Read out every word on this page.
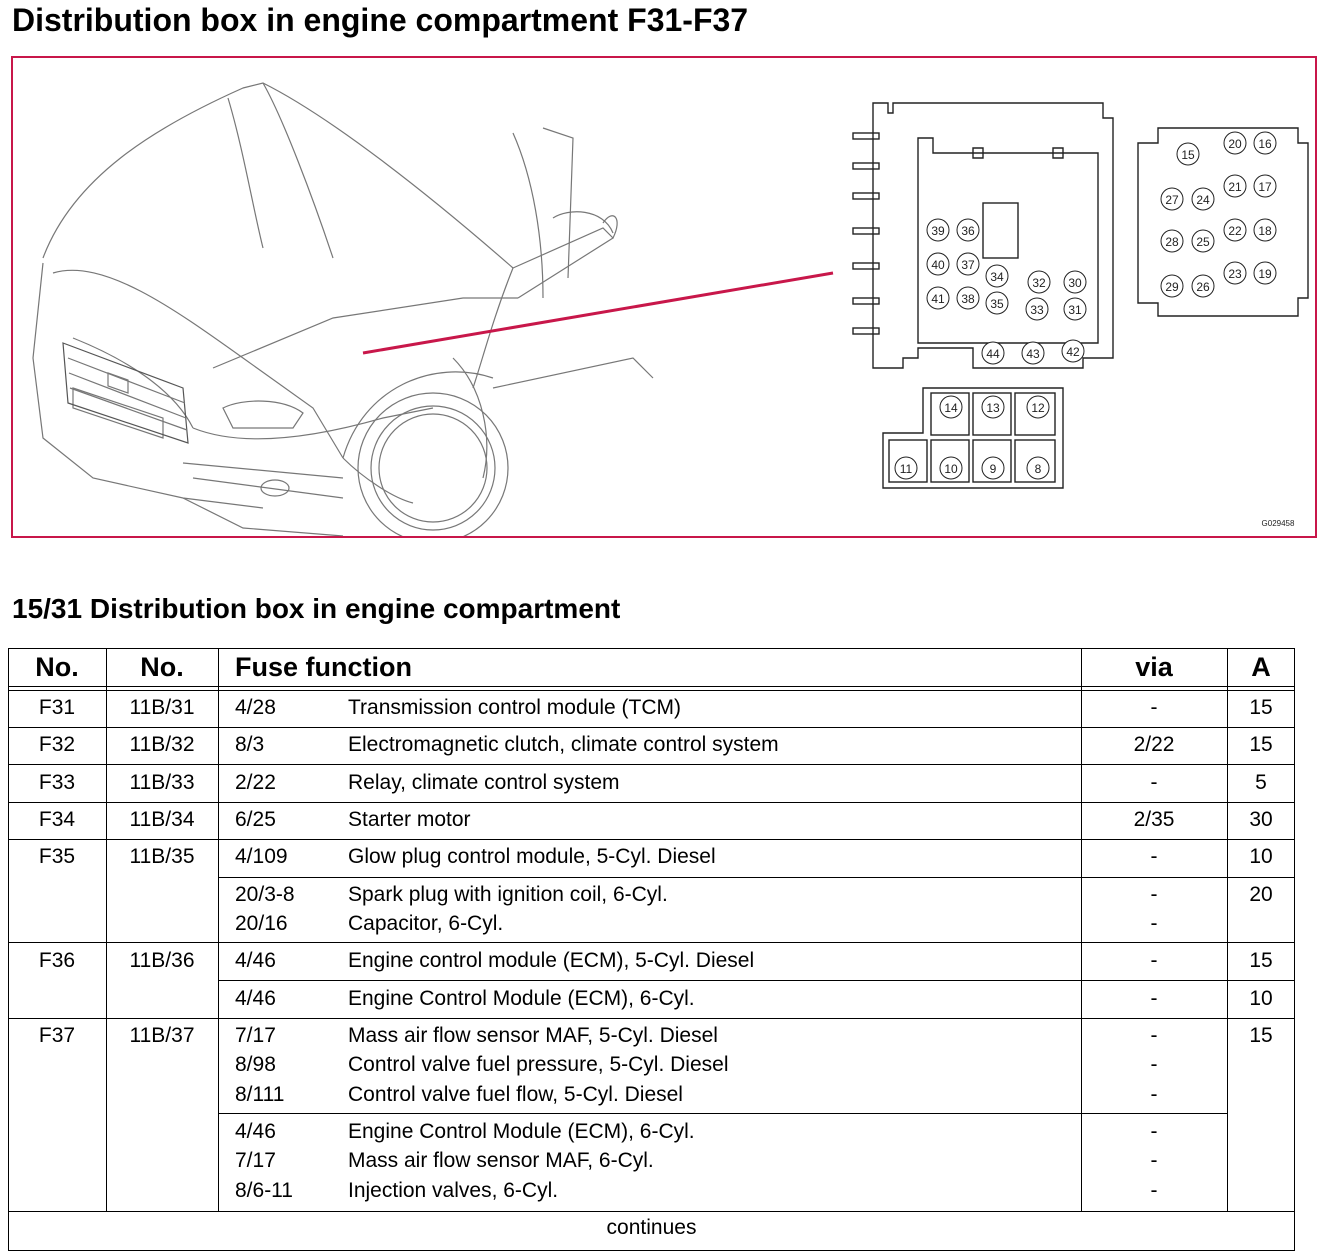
Distribution box in engine compartment F31-F37
15
20 16
27 24
21 17
28 25
22 18
29 26
23 19
39 36
40 37
34 32 30
41 38 35 33 31
44 43 42
14 13	12
11	10	9	8
G029458
15/31 Distribution box in engine compartment
No.	No.	Fuse function	via	A
F31	11B/31	4/28	Transmission control module (TCM)	-	15
F32	11B/32	8/3	Electromagnetic clutch, climate control system	2/22	15
F33	11B/33	2/22	Relay, climate control system	-	5
F34	11B/34	6/25	Starter motor	2/35	30
F35	11B/35	4/109	Glow plug control module, 5-Cyl. Diesel	-	10
20/3-8	Spark plug with ignition coil, 6-Cyl.	-	20
20/16	Capacitor, 6-Cyl.	-
F36	11B/36	4/46	Engine control module (ECM), 5-Cyl. Diesel	-	15
4/46	Engine Control Module (ECM), 6-Cyl.	-	10
F37	11B/37	15
7/17	Mass air flow sensor MAF, 5-Cyl. Diesel	-
8/98	Control valve fuel pressure, 5-Cyl. Diesel	-
8/111	Control valve fuel flow, 5-Cyl. Diesel	-
4/46	Engine Control Module (ECM), 6-Cyl.	-
7/17	Mass air flow sensor MAF, 6-Cyl.	-
8/6-11	Injection valves, 6-Cyl.	-
continues
